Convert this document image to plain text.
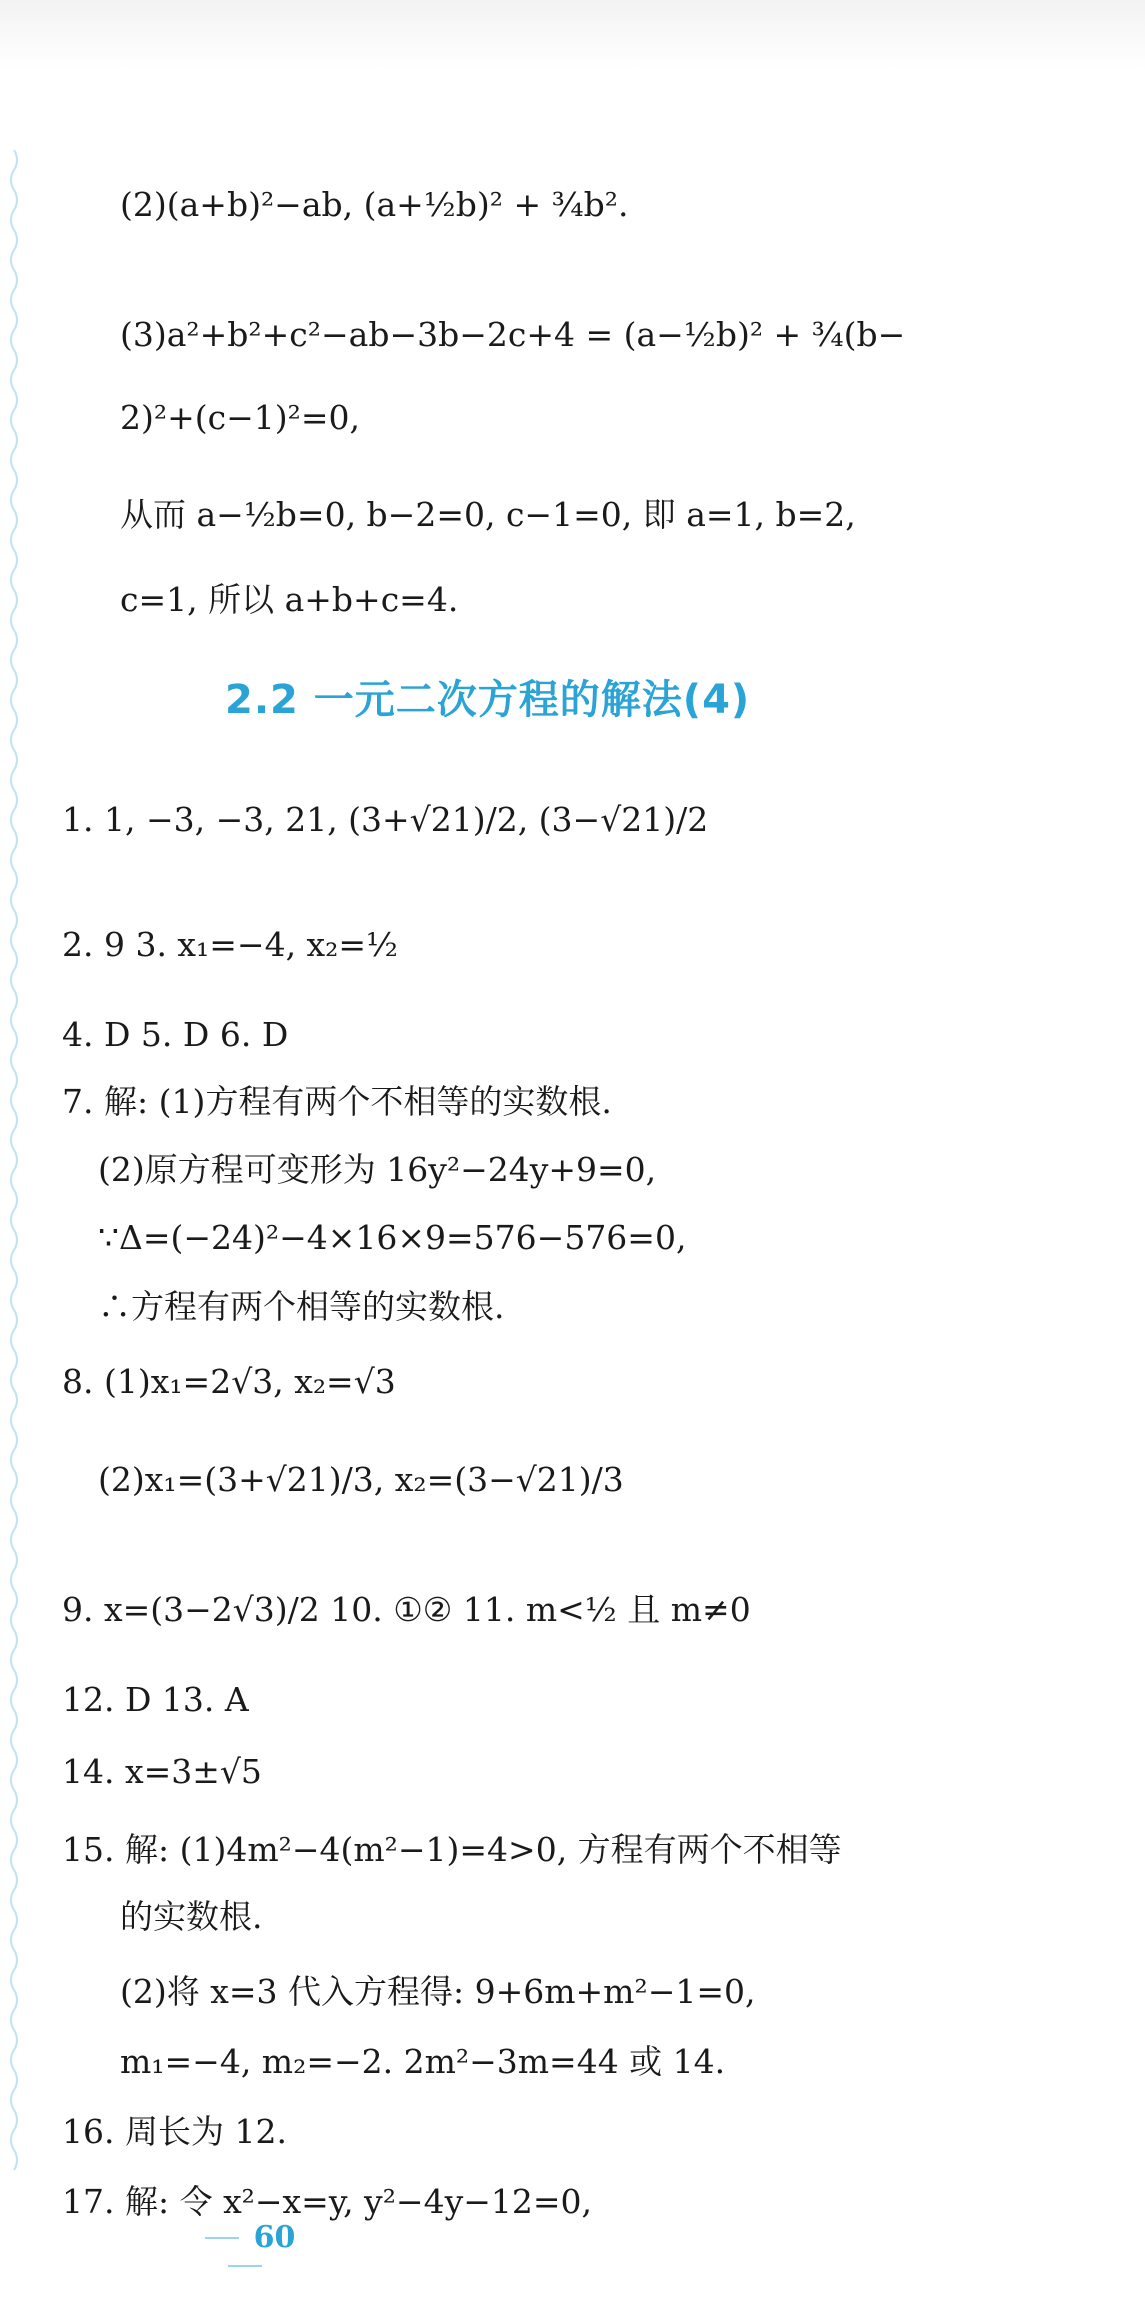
2.2 一元二次方程的解法(4)
(2)(a+b)²−ab, (a+½b)² + ¾b².
(3)a²+b²+c²−ab−3b−2c+4 = (a−½b)² + ¾(b−
2)²+(c−1)²=0,
从而 a−½b=0, b−2=0, c−1=0, 即 a=1, b=2,
c=1, 所以 a+b+c=4.
1. 1, −3, −3, 21, (3+√21)/2, (3−√21)/2
2. 9 3. x₁=−4, x₂=½
4. D 5. D 6. D
7. 解: (1)方程有两个不相等的实数根.
(2)原方程可变形为 16y²−24y+9=0,
∵Δ=(−24)²−4×16×9=576−576=0,
∴方程有两个相等的实数根.
8. (1)x₁=2√3, x₂=√3
(2)x₁=(3+√21)/3, x₂=(3−√21)/3
9. x=(3−2√3)/2 10. ①② 11. m<½ 且 m≠0
12. D 13. A
14. x=3±√5
15. 解: (1)4m²−4(m²−1)=4>0, 方程有两个不相等
的实数根.
(2)将 x=3 代入方程得: 9+6m+m²−1=0,
m₁=−4, m₂=−2. 2m²−3m=44 或 14.
16. 周长为 12.
17. 解: 令 x²−x=y, y²−4y−12=0,
60
